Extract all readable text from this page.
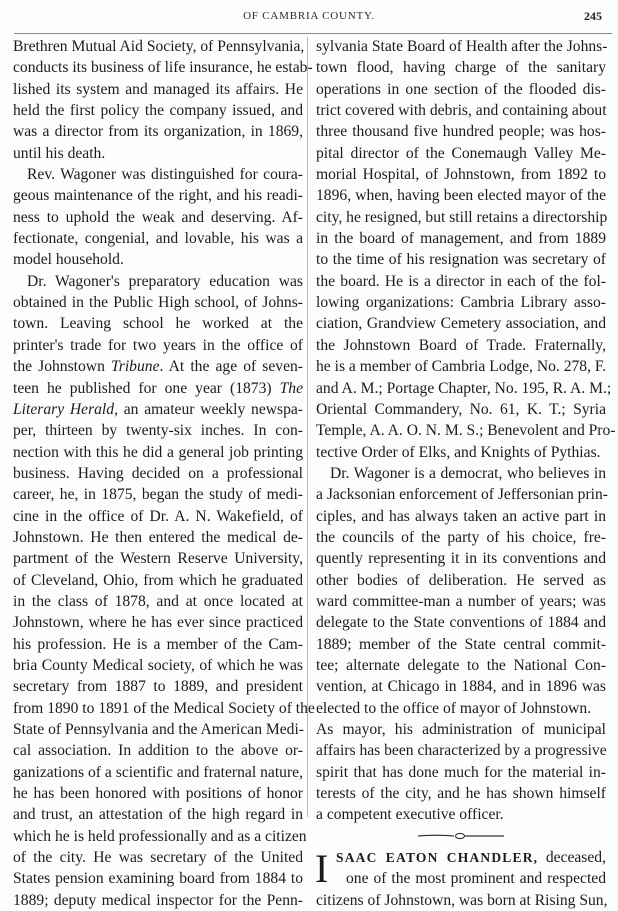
OF CAMBRIA COUNTY.	245
Brethren Mutual Aid Society, of Pennsylvania,
conducts its business of life insurance, he estab-
lished its system and managed its affairs. He
held the first policy the company issued, and
was a director from its organization, in 1869,
until his death.
Rev. Wagoner was distinguished for coura-
geous maintenance of the right, and his readi-
ness to uphold the weak and deserving. Af-
fectionate, congenial, and lovable, his was a
model household.
Dr. Wagoner's preparatory education was
obtained in the Public High school, of Johns-
town. Leaving school he worked at the
printer's trade for two years in the office of
the Johnstown Tribune. At the age of seven-
teen he published for one year (1873) The
Literary Herald, an amateur weekly newspa-
per, thirteen by twenty-six inches. In con-
nection with this he did a general job printing
business. Having decided on a professional
career, he, in 1875, began the study of medi-
cine in the office of Dr. A. N. Wakefield, of
Johnstown. He then entered the medical de-
partment of the Western Reserve University,
of Cleveland, Ohio, from which he graduated
in the class of 1878, and at once located at
Johnstown, where he has ever since practiced
his profession. He is a member of the Cam-
bria County Medical society, of which he was
secretary from 1887 to 1889, and president
from 1890 to 1891 of the Medical Society of the
State of Pennsylvania and the American Medi-
cal association. In addition to the above or-
ganizations of a scientific and fraternal nature,
he has been honored with positions of honor
and trust, an attestation of the high regard in
which he is held professionally and as a citizen
of the city. He was secretary of the United
States pension examining board from 1884 to
1889; deputy medical inspector for the Penn-
sylvania State Board of Health after the Johns-
town flood, having charge of the sanitary
operations in one section of the flooded dis-
trict covered with debris, and containing about
three thousand five hundred people; was hos-
pital director of the Conemaugh Valley Me-
morial Hospital, of Johnstown, from 1892 to
1896, when, having been elected mayor of the
city, he resigned, but still retains a directorship
in the board of management, and from 1889
to the time of his resignation was secretary of
the board. He is a director in each of the fol-
lowing organizations: Cambria Library asso-
ciation, Grandview Cemetery association, and
the Johnstown Board of Trade. Fraternally,
he is a member of Cambria Lodge, No. 278, F.
and A. M.; Portage Chapter, No. 195, R. A. M.;
Oriental Commandery, No. 61, K. T.; Syria
Temple, A. A. O. N. M. S.; Benevolent and Pro-
tective Order of Elks, and Knights of Pythias.
Dr. Wagoner is a democrat, who believes in
a Jacksonian enforcement of Jeffersonian prin-
ciples, and has always taken an active part in
the councils of the party of his choice, fre-
quently representing it in its conventions and
other bodies of deliberation. He served as
ward committee-man a number of years; was
delegate to the State conventions of 1884 and
1889; member of the State central commit-
tee; alternate delegate to the National Con-
vention, at Chicago in 1884, and in 1896 was
elected to the office of mayor of Johnstown.
As mayor, his administration of municipal
affairs has been characterized by a progressive
spirit that has done much for the material in-
terests of the city, and he has shown himself
a competent executive officer.
I SAAC EATON CHANDLER, deceased,
one of the most prominent and respected
citizens of Johnstown, was born at Rising Sun,
